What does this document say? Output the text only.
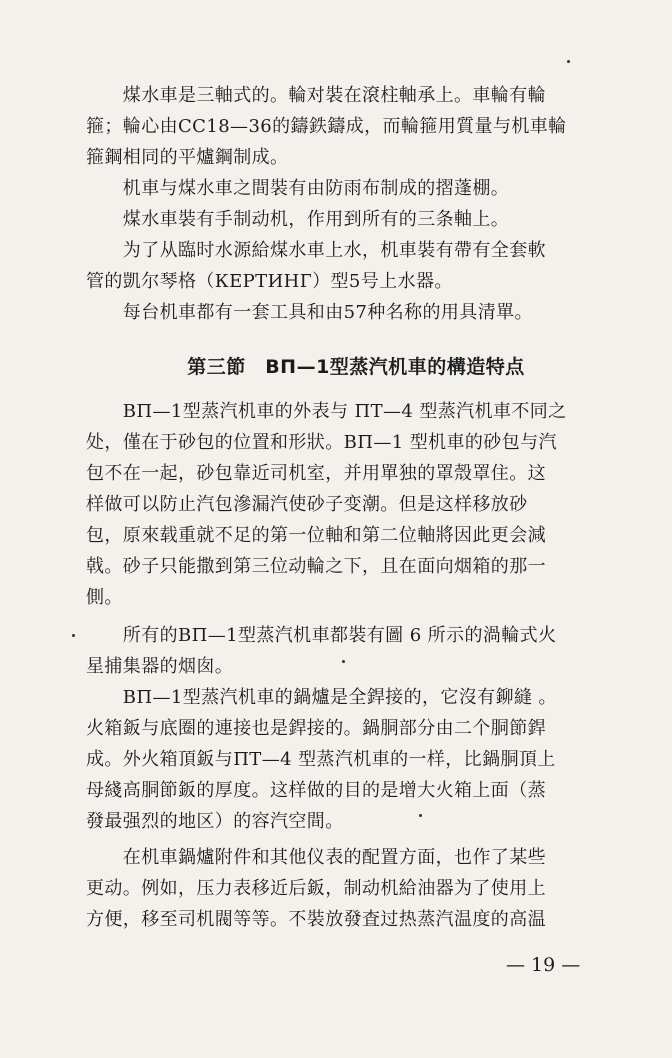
　　煤水車是三軸式的。輪对裝在滾柱軸承上。車輪有輪
箍；輪心由СС18—36的鑄鉄鑄成，而輪箍用質量与机車輪
箍鋼相同的平爐鋼制成。
　　机車与煤水車之間裝有由防雨布制成的摺蓬棚。
　　煤水車裝有手制动机，作用到所有的三条軸上。
　　为了从臨时水源給煤水車上水，机車裝有帶有全套軟
管的凱尔琴格（КЕРТИНГ）型5号上水器。
　　每台机車都有一套工具和由57种名称的用具清單。
第三節　ВП—1型蒸汽机車的構造特点
　　ВП—1型蒸汽机車的外表与 ПТ—4 型蒸汽机車不同之
处，僅在于砂包的位置和形狀。ВП—1 型机車的砂包与汽
包不在一起，砂包靠近司机室，并用單独的罩殼罩住。这
样做可以防止汽包滲漏汽使砂子变潮。但是这样移放砂
包，原來载重就不足的第一位軸和第二位軸將因此更会減
戟。砂子只能撒到第三位动輪之下，且在面向烟箱的那一
側。
　　所有的ВП—1型蒸汽机車都裝有圖 6 所示的渦輪式火
星捕集器的烟囱。
　　ВП—1型蒸汽机車的鍋爐是全銲接的，它沒有鉚縫 。
火箱鈑与底圈的連接也是銲接的。鍋胴部分由二个胴節銲
成。外火箱頂鈑与ПТ—4 型蒸汽机車的一样，比鍋胴頂上
母綫高胴節鈑的厚度。这样做的目的是增大火箱上面（蒸
發最强烈的地区）的容汽空間。
　　在机車鍋爐附件和其他仪表的配置方面，也作了某些
更动。例如，压力表移近后鈑，制动机給油器为了使用上
方便，移至司机閥等等。不裝放發査过热蒸汽温度的高温
— 19 —
